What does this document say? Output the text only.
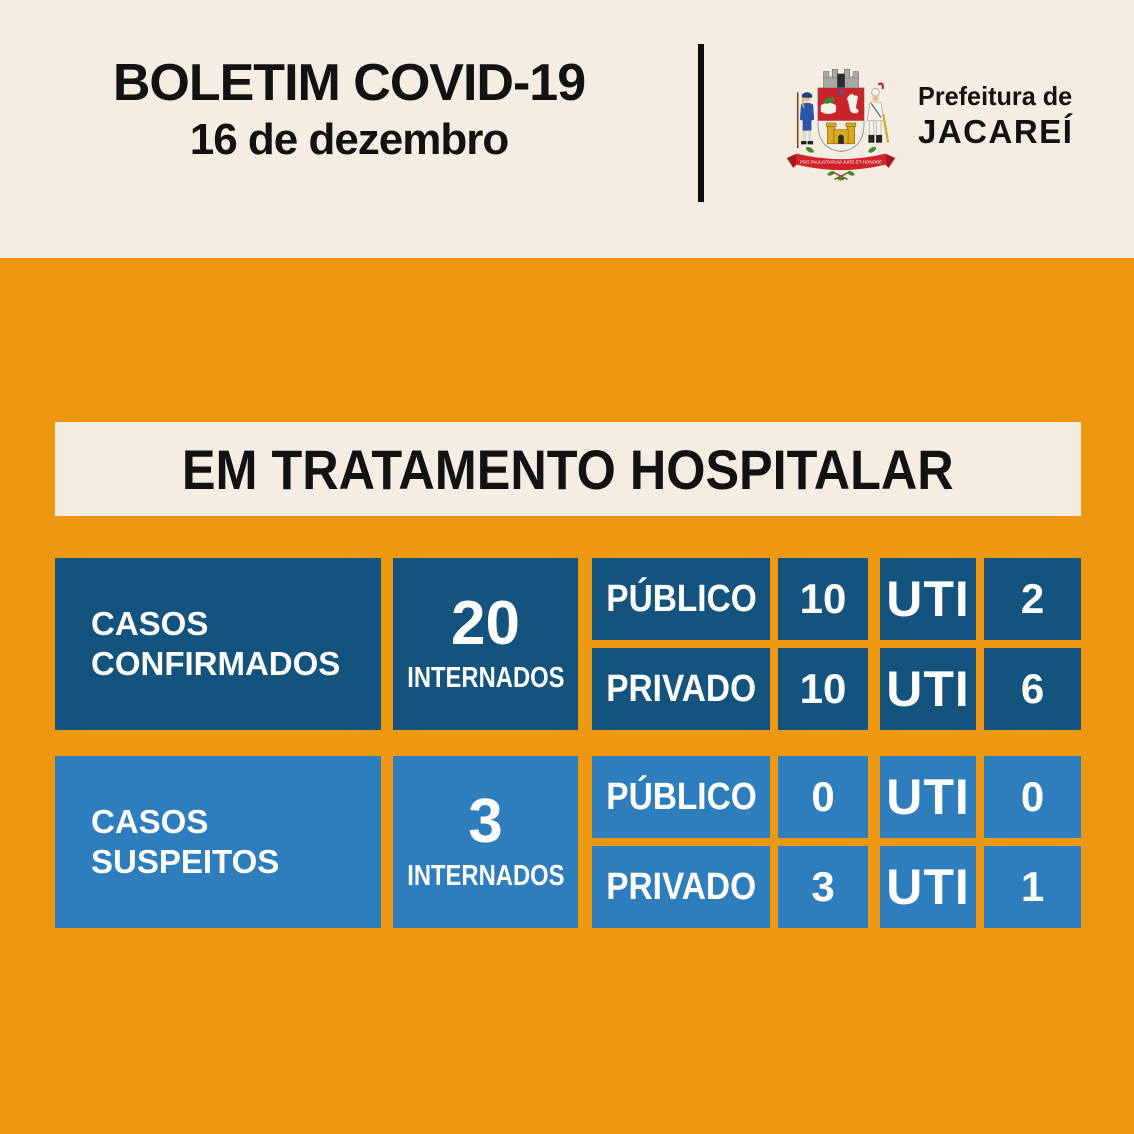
BOLETIM COVID-19
16 de dezembro	PRO PAULISTARUM-JURE-ET-HONORE
Prefeitura de
JACAREÍ
EM TRATAMENTO HOSPITALAR
CASOS
CONFIRMADOS
20
INTERNADOS
PÚBLICO 10 UTI 2
PRIVADO 10 UTI 6
CASOS
SUSPEITOS
3
INTERNADOS
PÚBLICO 0 UTI 0
PRIVADO 3 UTI 1
